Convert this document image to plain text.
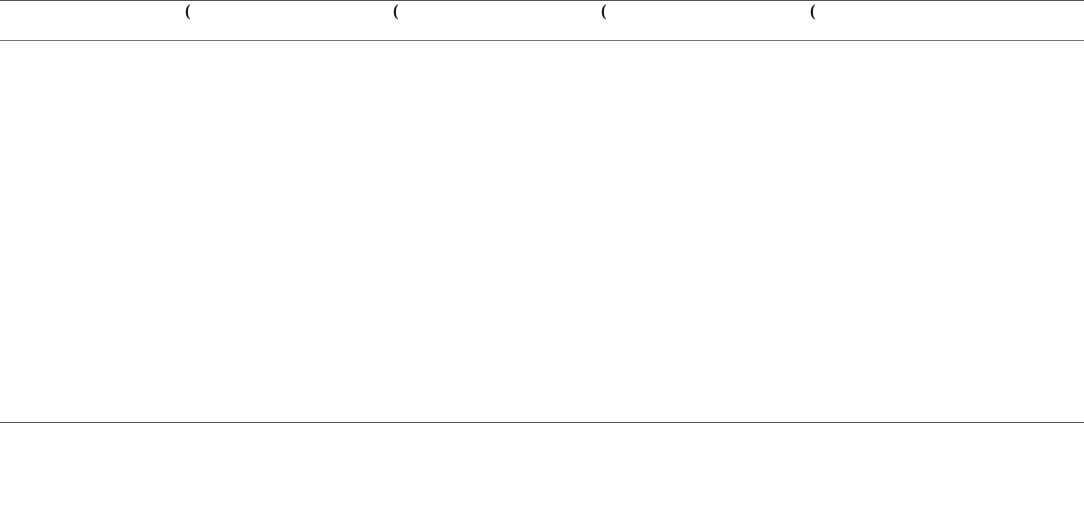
(	(	(	(
